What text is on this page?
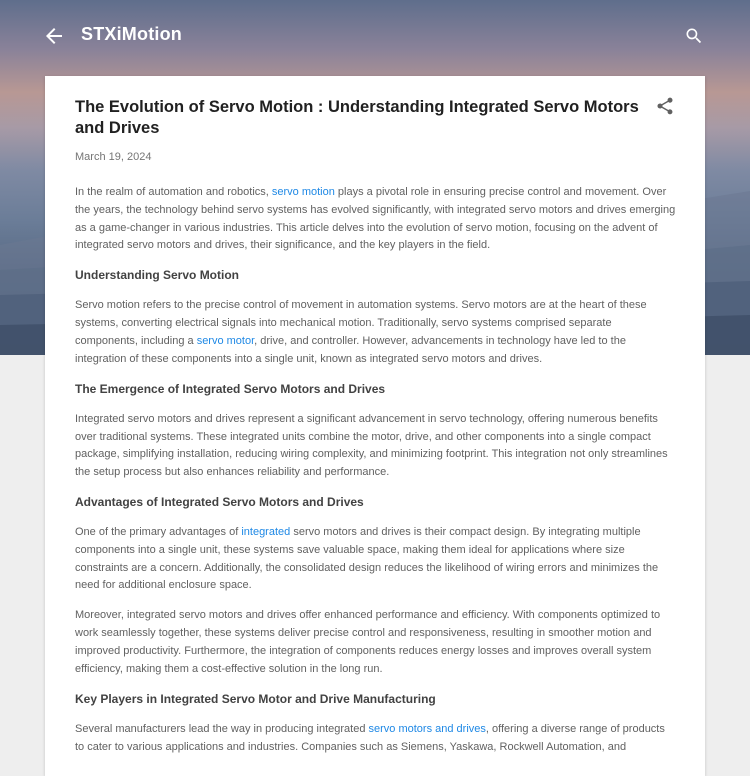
STXiMotion
The Evolution of Servo Motion : Understanding Integrated Servo Motors and Drives
March 19, 2024

In the realm of automation and robotics, servo motion plays a pivotal role in ensuring precise control and movement. Over the years, the technology behind servo systems has evolved significantly, with integrated servo motors and drives emerging as a game-changer in various industries. This article delves into the evolution of servo motion, focusing on the advent of integrated servo motors and drives, their significance, and the key players in the field.

Understanding Servo Motion

Servo motion refers to the precise control of movement in automation systems. Servo motors are at the heart of these systems, converting electrical signals into mechanical motion. Traditionally, servo systems comprised separate components, including a servo motor, drive, and controller. However, advancements in technology have led to the integration of these components into a single unit, known as integrated servo motors and drives.

The Emergence of Integrated Servo Motors and Drives

Integrated servo motors and drives represent a significant advancement in servo technology, offering numerous benefits over traditional systems. These integrated units combine the motor, drive, and other components into a single compact package, simplifying installation, reducing wiring complexity, and minimizing footprint. This integration not only streamlines the setup process but also enhances reliability and performance.

Advantages of Integrated Servo Motors and Drives

One of the primary advantages of integrated servo motors and drives is their compact design. By integrating multiple components into a single unit, these systems save valuable space, making them ideal for applications where size constraints are a concern. Additionally, the consolidated design reduces the likelihood of wiring errors and minimizes the need for additional enclosure space.

Moreover, integrated servo motors and drives offer enhanced performance and efficiency. With components optimized to work seamlessly together, these systems deliver precise control and responsiveness, resulting in smoother motion and improved productivity. Furthermore, the integration of components reduces energy losses and improves overall system efficiency, making them a cost-effective solution in the long run.

Key Players in Integrated Servo Motor and Drive Manufacturing

Several manufacturers lead the way in producing integrated servo motors and drives, offering a diverse range of products to cater to various applications and industries. Companies such as Siemens, Yaskawa, Rockwell Automation, and
